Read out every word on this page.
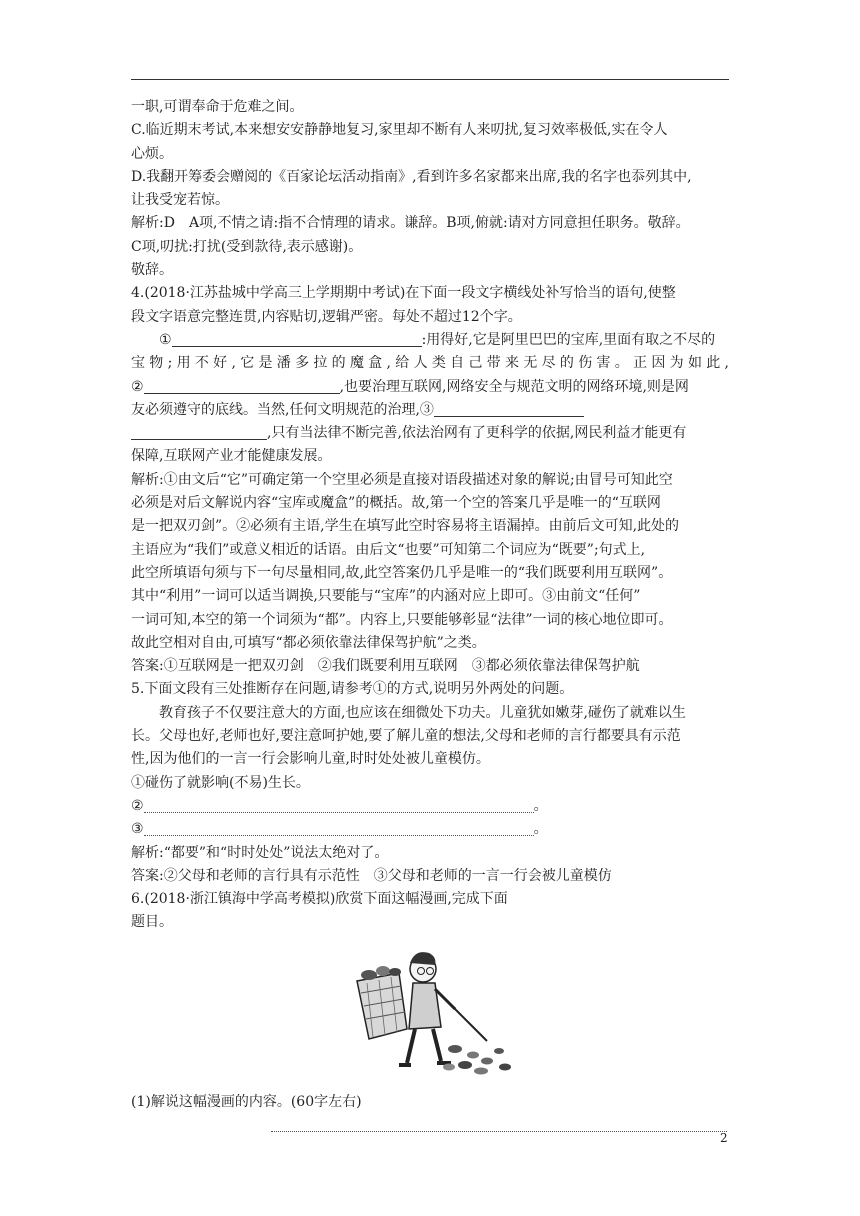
一职,可谓奉命于危难之间。

C.临近期末考试,本来想安安静静地复习,家里却不断有人来叨扰,复习效率极低,实在令人

心烦。

D.我翻开筹委会赠阅的《百家论坛活动指南》,看到许多名家都来出席,我的名字也忝列其中,

让我受宠若惊。

解析:D　A项,不情之请:指不合情理的请求。谦辞。B项,俯就:请对方同意担任职务。敬辞。

C项,叨扰:打扰(受到款待,表示感谢)。

敬辞。

4.(2018·江苏盐城中学高三上学期期中考试)在下面一段文字横线处补写恰当的语句,使整

段文字语意完整连贯,内容贴切,逻辑严密。每处不超过12个字。

①	:用得好,它是阿里巴巴的宝库,里面有取之不尽的

宝物;用不好,它是潘多拉的魔盒,给人类自己带来无尽的伤害。正因为如此,

②	,也要治理互联网,网络安全与规范文明的网络环境,则是网

友必须遵守的底线。当然,任何文明规范的治理,③

,只有当法律不断完善,依法治网有了更科学的依据,网民利益才能更有

保障,互联网产业才能健康发展。

解析:①由文后“它”可确定第一个空里必须是直接对语段描述对象的解说;由冒号可知此空

必须是对后文解说内容“宝库或魔盒”的概括。故,第一个空的答案几乎是唯一的“互联网

是一把双刃剑”。②必须有主语,学生在填写此空时容易将主语漏掉。由前后文可知,此处的

主语应为“我们”或意义相近的话语。由后文“也要”可知第二个词应为“既要”;句式上,

此空所填语句须与下一句尽量相同,故,此空答案仍几乎是唯一的“我们既要利用互联网”。

其中“利用”一词可以适当调换,只要能与“宝库”的内涵对应上即可。③由前文“任何”

一词可知,本空的第一个词须为“都”。内容上,只要能够彰显“法律”一词的核心地位即可。

故此空相对自由,可填写“都必须依靠法律保驾护航”之类。

答案:①互联网是一把双刃剑　②我们既要利用互联网　③都必须依靠法律保驾护航

5.下面文段有三处推断存在问题,请参考①的方式,说明另外两处的问题。

教育孩子不仅要注意大的方面,也应该在细微处下功夫。儿童犹如嫩芽,碰伤了就难以生

长。父母也好,老师也好,要注意呵护她,要了解儿童的想法,父母和老师的言行都要具有示范

性,因为他们的一言一行会影响儿童,时时处处被儿童模仿。

①碰伤了就影响(不易)生长。

②	。

③	。

解析:“都要”和“时时处处”说法太绝对了。

答案:②父母和老师的言行具有示范性　③父母和老师的一言一行会被儿童模仿

6.(2018·浙江镇海中学高考模拟)欣赏下面这幅漫画,完成下面

题目。

(1)解说这幅漫画的内容。(60字左右)

2
